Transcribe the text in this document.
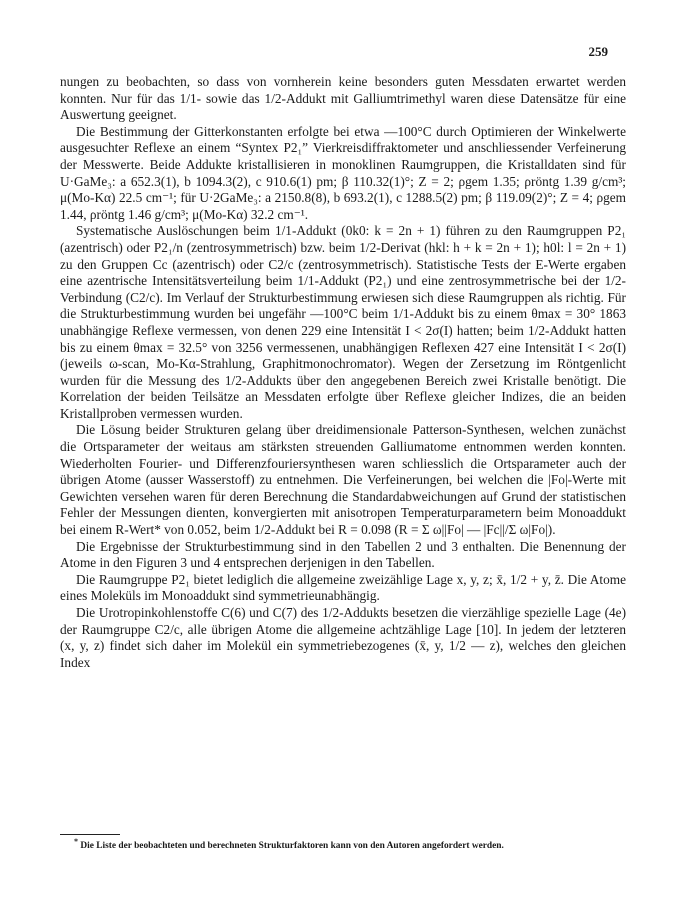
259

nungen zu beobachten, so dass von vornherein keine besonders guten Messdaten erwartet werden konnten. Nur für das 1/1- sowie das 1/2-Addukt mit Galliumtrimethyl waren diese Datensätze für eine Auswertung geeignet.

Die Bestimmung der Gitterkonstanten erfolgte bei etwa —100°C durch Optimieren der Winkelwerte ausgesuchter Reflexe an einem “Syntex P2₁” Vierkreisdiffraktometer und anschliessender Verfeinerung der Messwerte. Beide Addukte kristallisieren in monoklinen Raumgruppen, die Kristalldaten sind für U·GaMe₃: a 652.3(1), b 1094.3(2), c 910.6(1) pm; β 110.32(1)°; Z = 2; ρgem 1.35; ρröntg 1.39 g/cm³; μ(Mo-Kα) 22.5 cm⁻¹; für U·2GaMe₃: a 2150.8(8), b 693.2(1), c 1288.5(2) pm; β 119.09(2)°; Z = 4; ρgem 1.44, ρröntg 1.46 g/cm³; μ(Mo-Kα) 32.2 cm⁻¹.

Systematische Auslöschungen beim 1/1-Addukt (0k0: k = 2n + 1) führen zu den Raumgruppen P2₁ (azentrisch) oder P2₁/n (zentrosymmetrisch) bzw. beim 1/2-Derivat (hkl: h + k = 2n + 1); h0l: l = 2n + 1) zu den Gruppen Cc (azentrisch) oder C2/c (zentrosymmetrisch). Statistische Tests der E-Werte ergaben eine azentrische Intensitätsverteilung beim 1/1-Addukt (P2₁) und eine zentrosymmetrische bei der 1/2-Verbindung (C2/c). Im Verlauf der Strukturbestimmung erwiesen sich diese Raumgruppen als richtig. Für die Strukturbestimmung wurden bei ungefähr —100°C beim 1/1-Addukt bis zu einem θmax = 30° 1863 unabhängige Reflexe vermessen, von denen 229 eine Intensität I < 2σ(I) hatten; beim 1/2-Addukt hatten bis zu einem θmax = 32.5° von 3256 vermessenen, unabhängigen Reflexen 427 eine Intensität I < 2σ(I) (jeweils ω-scan, Mo-Kα-Strahlung, Graphitmonochromator). Wegen der Zersetzung im Röntgenlicht wurden für die Messung des 1/2-Addukts über den angegebenen Bereich zwei Kristalle benötigt. Die Korrelation der beiden Teilsätze an Messdaten erfolgte über Reflexe gleicher Indizes, die an beiden Kristallproben vermessen wurden.

Die Lösung beider Strukturen gelang über dreidimensionale Patterson-Synthesen, welchen zunächst die Ortsparameter der weitaus am stärksten streuenden Galliumatome entnommen werden konnten. Wiederholten Fourier- und Differenzfouriersynthesen waren schliesslich die Ortsparameter auch der übrigen Atome (ausser Wasserstoff) zu entnehmen. Die Verfeinerungen, bei welchen die |Fo|-Werte mit Gewichten versehen waren für deren Berechnung die Standardabweichungen auf Grund der statistischen Fehler der Messungen dienten, konvergierten mit anisotropen Temperaturparametern beim Monoaddukt bei einem R-Wert* von 0.052, beim 1/2-Addukt bei R = 0.098 (R = Σ ω||Fo| — |Fc||/Σ ω|Fo|).

Die Ergebnisse der Strukturbestimmung sind in den Tabellen 2 und 3 enthalten. Die Benennung der Atome in den Figuren 3 und 4 entsprechen derjenigen in den Tabellen.

Die Raumgruppe P2₁ bietet lediglich die allgemeine zweizählige Lage x, y, z; x̄, 1/2 + y, z̄. Die Atome eines Moleküls im Monoaddukt sind symmetrieunabhängig.

Die Urotropinkohlenstoffe C(6) und C(7) des 1/2-Addukts besetzen die vierzählige spezielle Lage (4e) der Raumgruppe C2/c, alle übrigen Atome die allgemeine achtzählige Lage [10]. In jedem der letzteren (x, y, z) findet sich daher im Molekül ein symmetriebezogenes (x̄, y, 1/2 — z), welches den gleichen Index

* Die Liste der beobachteten und berechneten Strukturfaktoren kann von den Autoren angefordert werden.
